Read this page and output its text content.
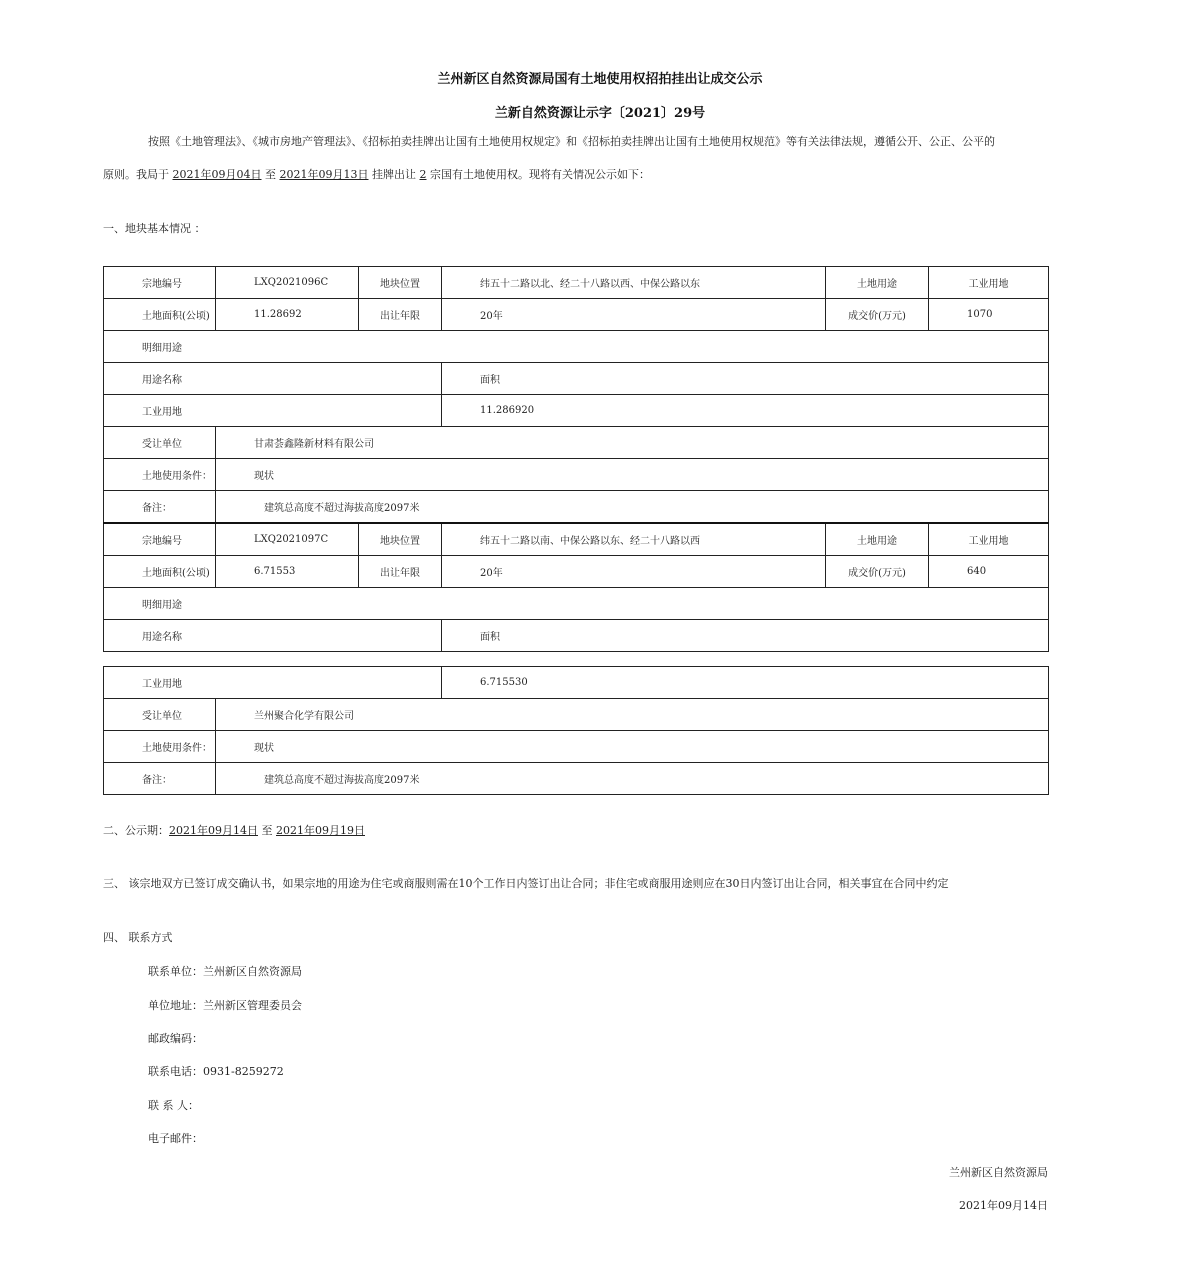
兰州新区自然资源局国有土地使用权招拍挂出让成交公示
兰新自然资源让示字〔2021〕29号
按照《土地管理法》、《城市房地产管理法》、《招标拍卖挂牌出让国有土地使用权规定》和《招标拍卖挂牌出让国有土地使用权规范》等有关法律法规，遵循公开、公正、公平的
原则。我局于 2021年09月04日 至 2021年09月13日 挂牌出让 2 宗国有土地使用权。现将有关情况公示如下：
一、地块基本情况 ：
宗地编号	LXQ2021096C	地块位置	纬五十二路以北、经二十八路以西、中保公路以东	土地用途	工业用地
土地面积(公顷)	11.28692	出让年限	20年	成交价(万元)	1070
明细用途					
用途名称			面积		
工业用地			11.286920		
受让单位	甘肃荟鑫隆新材料有限公司				
土地使用条件：	现状				
备注：	建筑总高度不超过海拔高度2097米				
宗地编号	LXQ2021097C	地块位置	纬五十二路以南、中保公路以东、经二十八路以西	土地用途	工业用地
土地面积(公顷)	6.71553	出让年限	20年	成交价(万元)	640
明细用途					
用途名称			面积		
工业用地		6.715530
受让单位	兰州聚合化学有限公司	
土地使用条件：	现状	
备注：	建筑总高度不超过海拔高度2097米	
二、公示期：2021年09月14日 至 2021年09月19日
三、 该宗地双方已签订成交确认书，如果宗地的用途为住宅或商服则需在10个工作日内签订出让合同；非住宅或商服用途则应在30日内签订出让合同，相关事宜在合同中约定
四、 联系方式
联系单位：兰州新区自然资源局
单位地址：兰州新区管理委员会
邮政编码：
联系电话：0931-8259272
联 系 人：
电子邮件：
兰州新区自然资源局
2021年09月14日
